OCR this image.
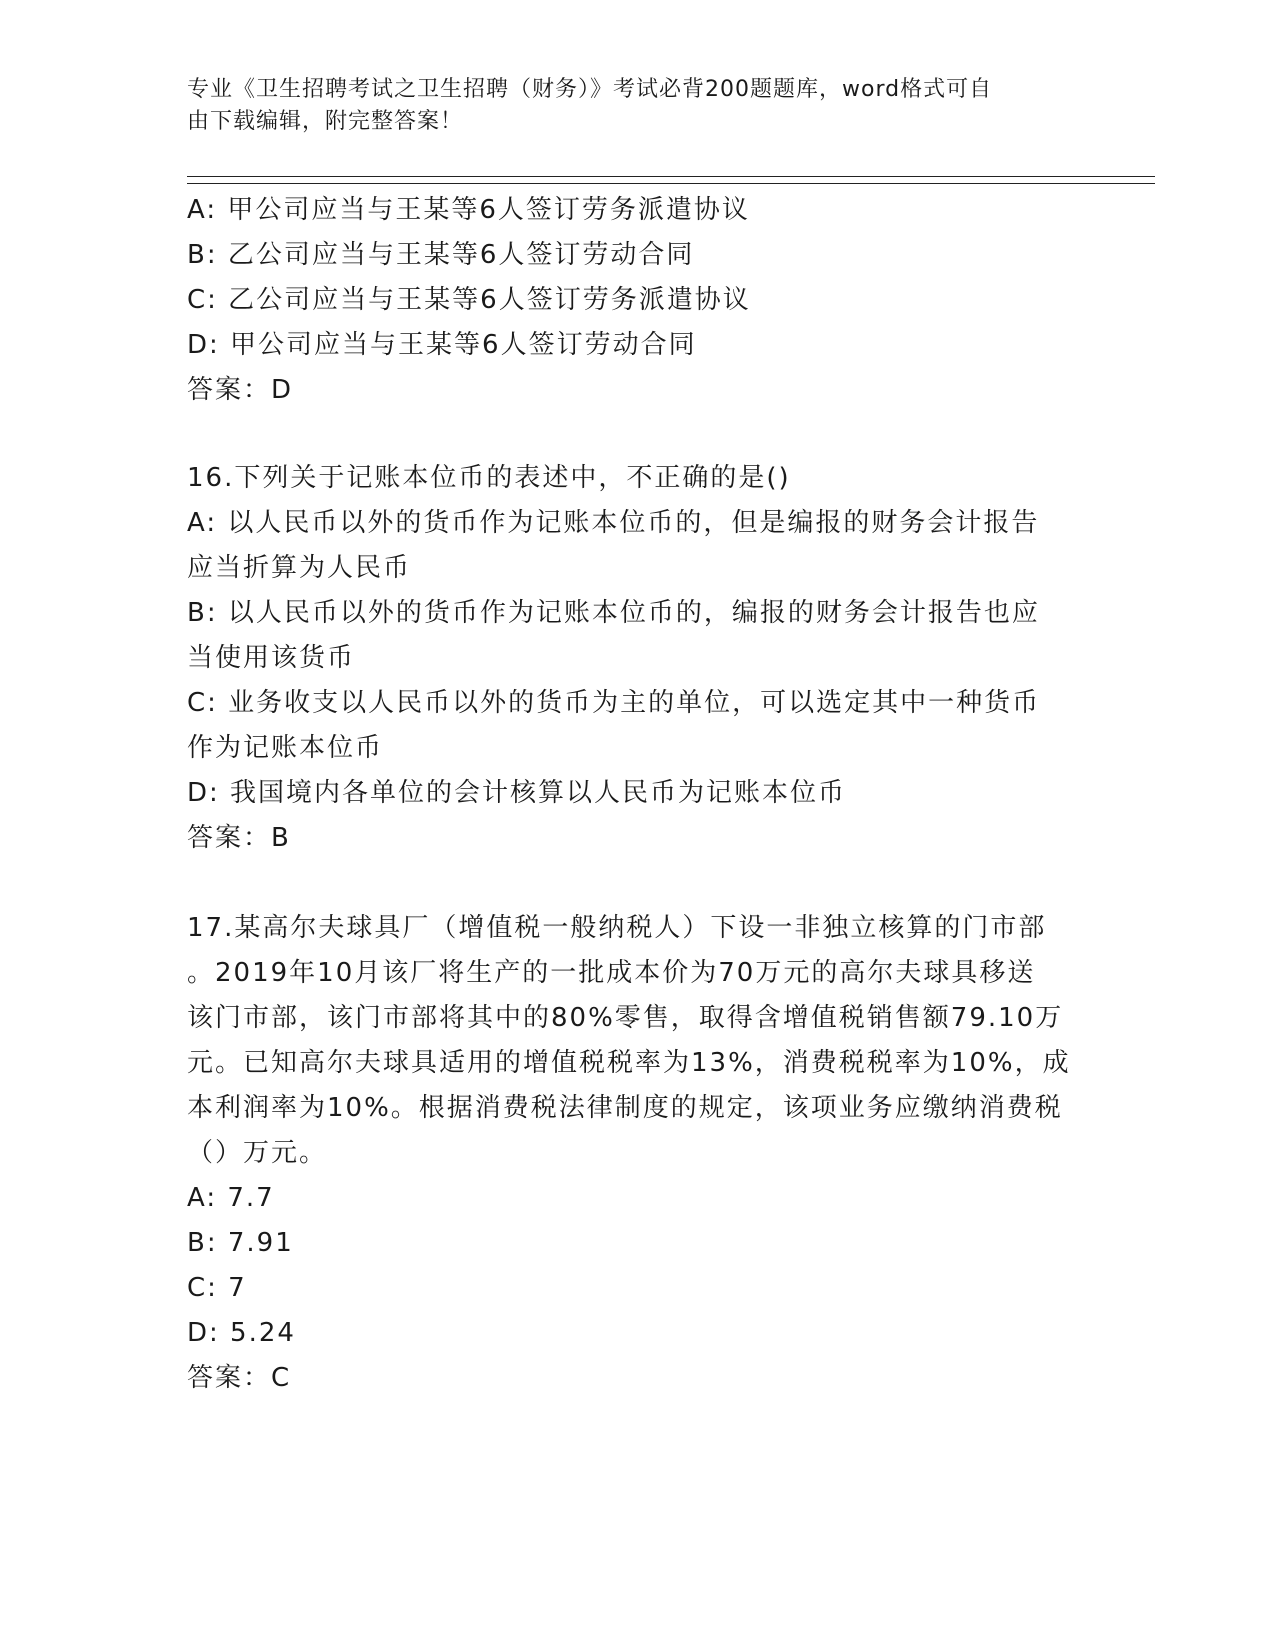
专业《卫生招聘考试之卫生招聘（财务）》考试必背200题题库，word格式可自
由下载编辑，附完整答案！
A: 甲公司应当与王某等6人签订劳务派遣协议
B: 乙公司应当与王某等6人签订劳动合同
C: 乙公司应当与王某等6人签订劳务派遣协议
D: 甲公司应当与王某等6人签订劳动合同
答案：D
16.下列关于记账本位币的表述中，不正确的是()
A: 以人民币以外的货币作为记账本位币的，但是编报的财务会计报告
应当折算为人民币
B: 以人民币以外的货币作为记账本位币的，编报的财务会计报告也应
当使用该货币
C: 业务收支以人民币以外的货币为主的单位，可以选定其中一种货币
作为记账本位币
D: 我国境内各单位的会计核算以人民币为记账本位币
答案：B
17.某高尔夫球具厂（增值税一般纳税人）下设一非独立核算的门市部
。2019年10月该厂将生产的一批成本价为70万元的高尔夫球具移送
该门市部，该门市部将其中的80%零售，取得含增值税销售额79.10万
元。已知高尔夫球具适用的增值税税率为13%，消费税税率为10%，成
本利润率为10%。根据消费税法律制度的规定，该项业务应缴纳消费税
（）万元。
A: 7.7
B: 7.91
C: 7
D: 5.24
答案：C
